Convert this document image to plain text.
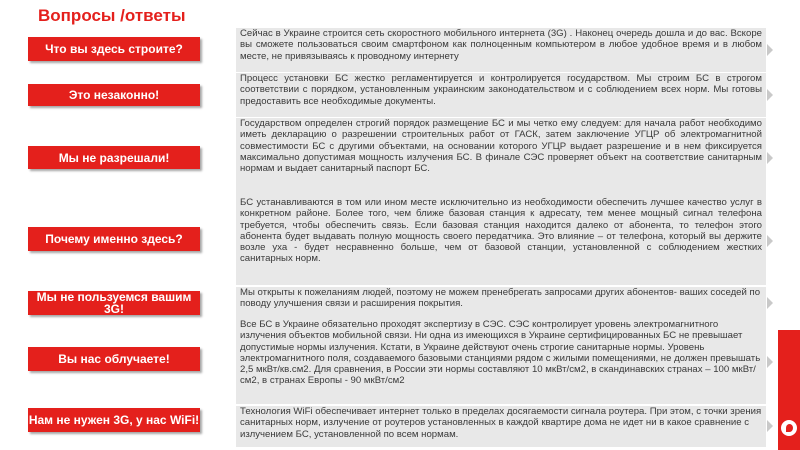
Вопросы /ответы
Что вы здесь строите?
Сейчас в Украине строится сеть скоростного мобильного интернета (3G) . Наконец очередь дошла и до вас. Вскоре вы сможете пользоваться своим смартфоном как полноценным компьютером в любое удобное время и в любом месте, не привязываясь к проводному интернету
Это незаконно!
Процесс установки БС жестко регламентируется и контролируется государством. Мы строим БС в строгом соответствии с порядком, установленным украинским законодательством и с соблюдением всех норм. Мы готовы предоставить все необходимые документы.
Мы не разрешали!
Государством определен строгий порядок размещение БС и мы четко ему следуем: для начала работ необходимо иметь декларацию о разрешении строительных работ от ГАСК, затем заключение УГЦР об электромагнитной совместимости БС с другими объектами, на основании которого УГЦР выдает разрешение и в нем фиксируется максимально допустимая мощность излучения БС. В финале СЭС проверяет объект на соответствие санитарным нормам и выдает санитарный паспорт БС.
Почему именно здесь?
БС устанавливаются в том или ином месте исключительно из необходимости обеспечить лучшее качество услуг в конкретном районе. Более того, чем ближе базовая станция к адресату, тем менее мощный сигнал телефона требуется, чтобы обеспечить связь. Если базовая станция находится далеко от абонента, то телефон этого абонента будет выдавать полную мощность своего передатчика. Это влияние – от телефона, который вы держите возле уха - будет несравненно больше, чем от базовой станции, установленной с соблюдением жестких санитарных норм.
Мы не пользуемся вашим 3G!
Мы открыты к пожеланиям людей, поэтому не можем пренебрегать запросами других абонентов- ваших соседей по поводу улучшения связи и расширения покрытия.
Вы нас облучаете!
Все БС в Украине обязательно проходят экспертизу в СЭС. СЭС контролирует уровень электромагнитного излучения объектов мобильной связи. Ни одна из имеющихся в Украине сертифицированных БС не превышает допустимые нормы излучения. Кстати, в Украине действуют очень строгие санитарные нормы. Уровень электромагнитного поля, создаваемого базовыми станциями рядом с жилыми помещениями, не должен превышать 2,5 мкВт/кв.см2. Для сравнения, в России эти нормы составляют 10 мкВт/см2, в скандинавских странах – 100 мкВт/см2, в странах Европы - 90 мкВт/см2
Нам не нужен 3G, у нас WiFi!
Технология WiFi обеспечивает интернет только в пределах досягаемости сигнала роутера. При этом, с точки зрения санитарных норм, излучение от роутеров установленных в каждой квартире дома не идет ни в какое сравнение с излучением БС, установленной по всем нормам.
